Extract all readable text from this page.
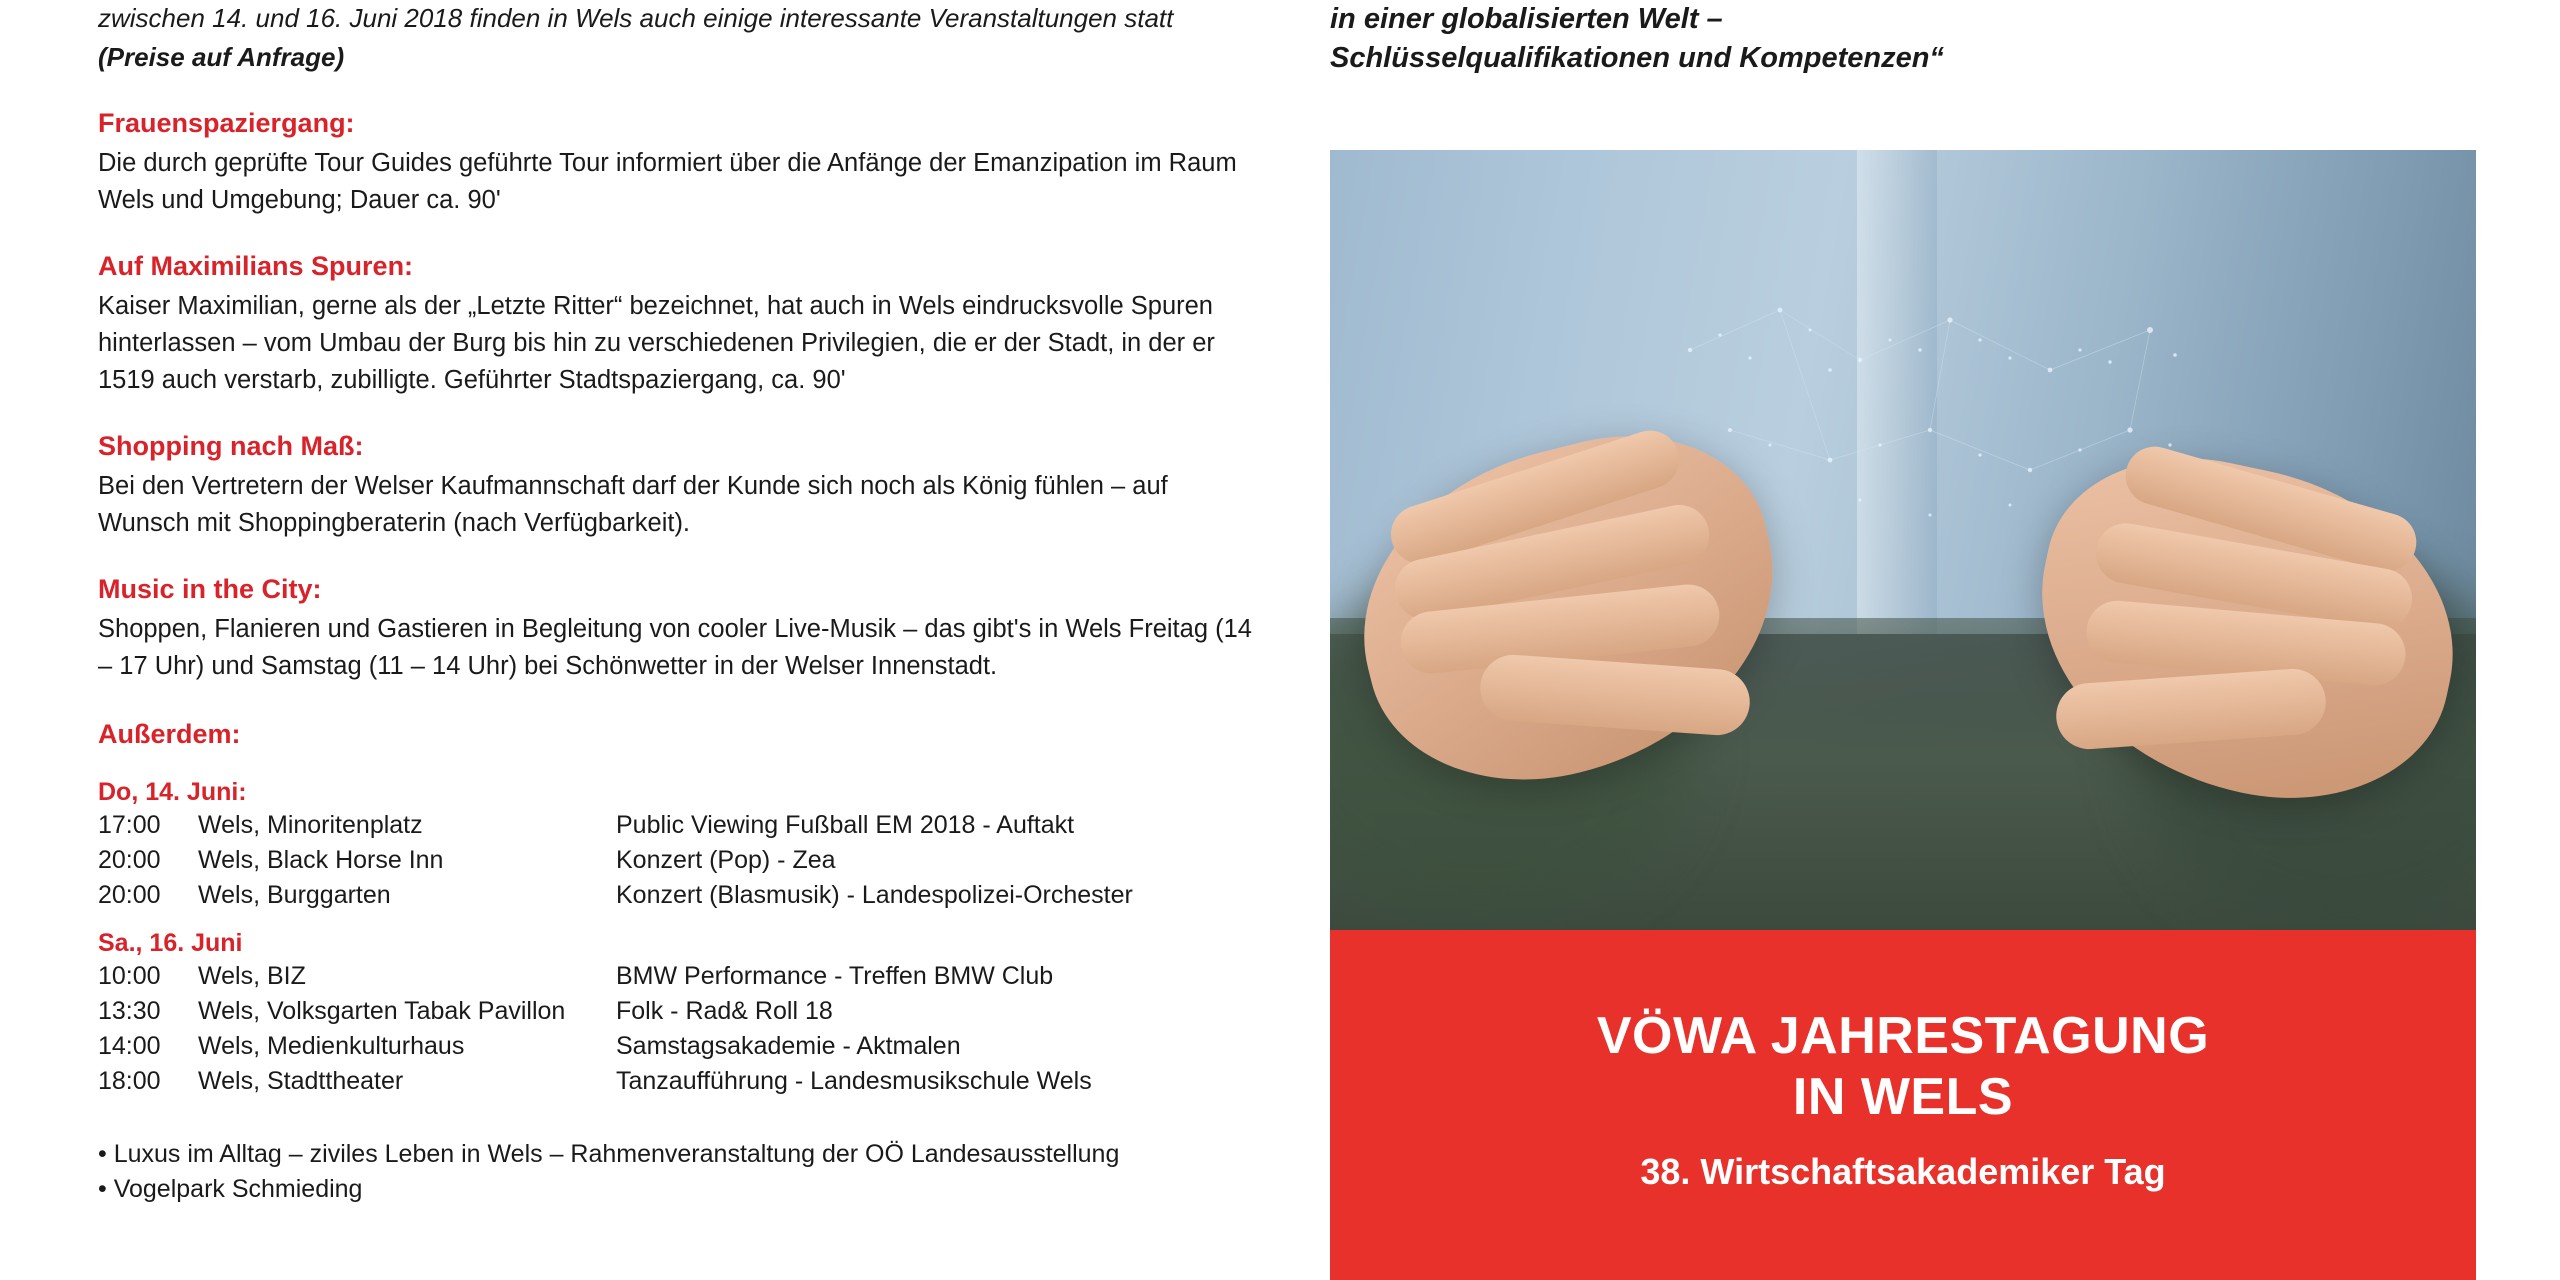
zwischen 14. und 16. Juni 2018 finden in Wels auch einige interessante Veranstaltungen statt
(Preise auf Anfrage)
Frauenspaziergang:
Die durch geprüfte Tour Guides geführte Tour informiert über die Anfänge der Emanzipation im Raum Wels und Umgebung; Dauer ca. 90'
Auf Maximilians Spuren:
Kaiser Maximilian, gerne als der „Letzte Ritter“ bezeichnet, hat auch in Wels eindrucksvolle Spuren hinterlassen – vom Umbau der Burg bis hin zu verschiedenen Privilegien, die er der Stadt, in der er 1519 auch verstarb, zubilligte. Geführter Stadtspaziergang, ca. 90'
Shopping nach Maß:
Bei den Vertretern der Welser Kaufmannschaft darf der Kunde sich noch als König fühlen – auf Wunsch mit Shoppingberaterin (nach Verfügbarkeit).
Music in the City:
Shoppen, Flanieren und Gastieren in Begleitung von cooler Live-Musik – das gibt's in Wels Freitag (14 – 17 Uhr) und Samstag (11 – 14 Uhr) bei Schönwetter in der Welser Innenstadt.
Außerdem:
Do, 14. Juni:
17:00	Wels, Minoritenplatz	Public Viewing Fußball EM 2018 - Auftakt
20:00	Wels, Black Horse Inn	Konzert (Pop) - Zea
20:00	Wels, Burggarten	Konzert (Blasmusik) - Landespolizei-Orchester
Sa., 16. Juni
10:00	Wels, BIZ	BMW Performance - Treffen BMW Club
13:30	Wels, Volksgarten Tabak Pavillon	Folk - Rad& Roll 18
14:00	Wels, Medienkulturhaus	Samstagsakademie - Aktmalen
18:00	Wels, Stadttheater	Tanzaufführung - Landesmusikschule Wels
• Luxus im Alltag – ziviles Leben in Wels – Rahmenveranstaltung der OÖ Landesausstellung
• Vogelpark Schmieding
in einer globalisierten Welt –
Schlüsselqualifikationen und Kompetenzen“
VÖWA JAHRESTAGUNG
IN WELS
38. Wirtschaftsakademiker Tag
